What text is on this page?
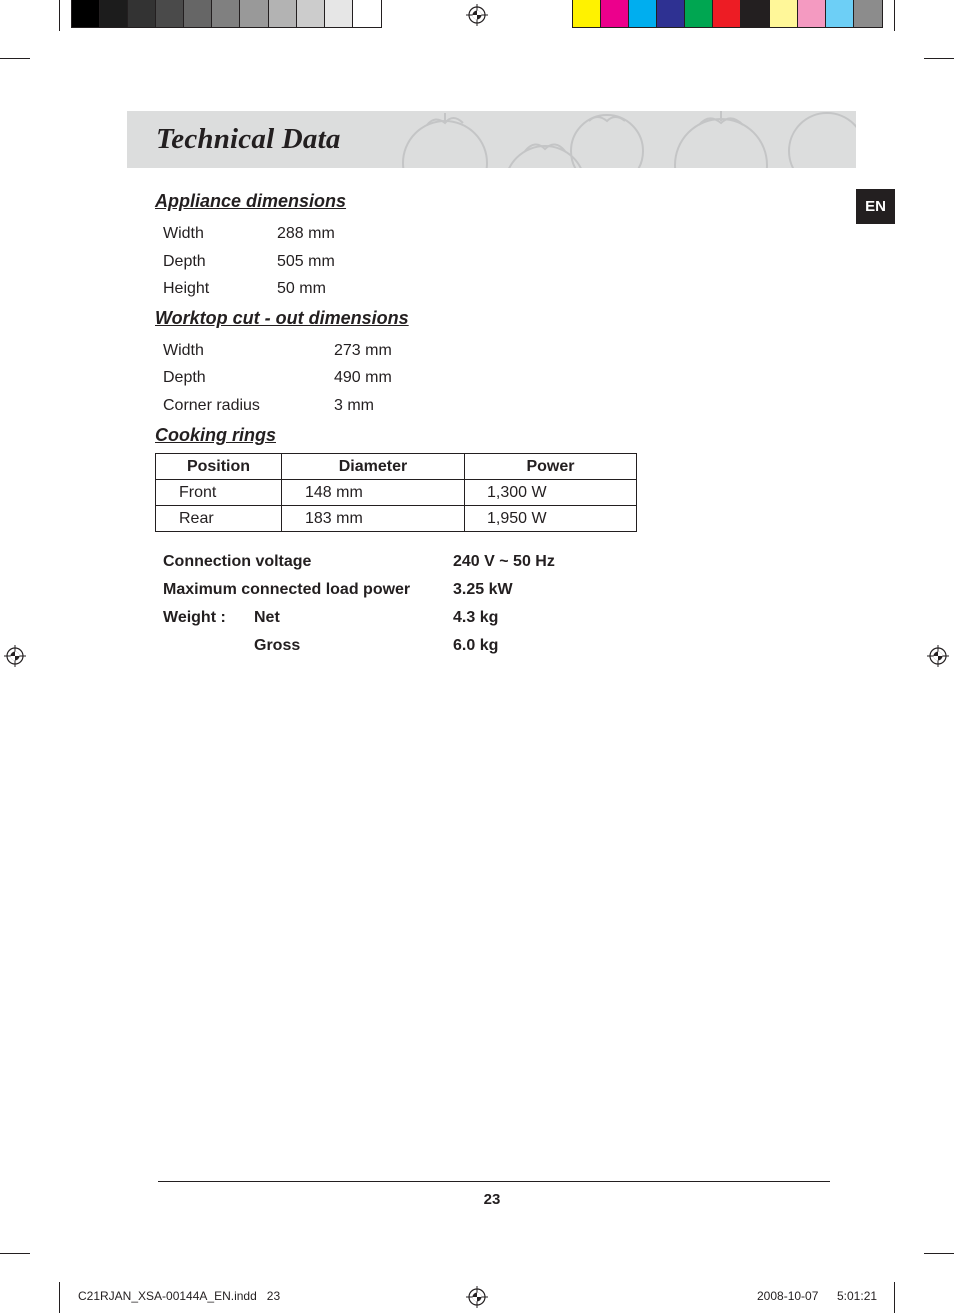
Technical Data
EN
Appliance dimensions
Width	288 mm
Depth	505 mm
Height	50 mm
Worktop cut - out dimensions
Width	273 mm
Depth	490 mm
Corner radius	3 mm
Cooking rings
Position	Diameter	Power
Front	148 mm	1,300 W
Rear	183 mm	1,950 W
Connection voltage	240 V ~ 50 Hz
Maximum connected load power	3.25 kW
Weight : Net	4.3 kg
Gross	6.0 kg
23
C21RJAN_XSA-00144A_EN.indd   23	2008-10-07 5:01:21
